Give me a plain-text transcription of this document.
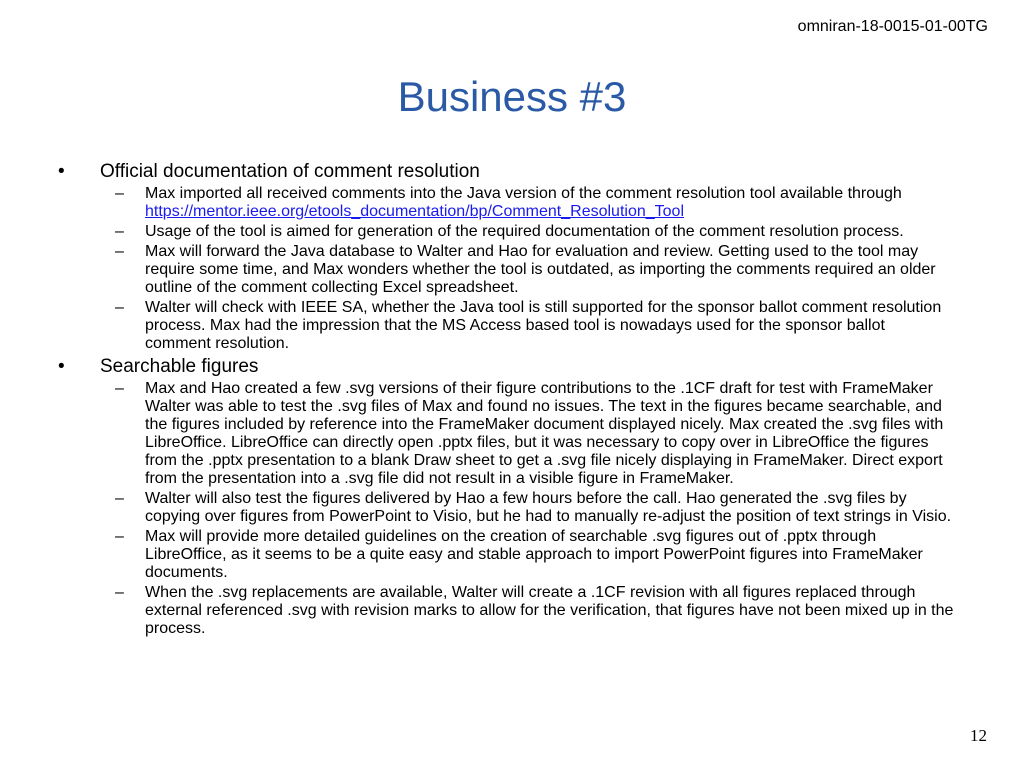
omniran-18-0015-01-00TG
Business #3
•	Official documentation of comment resolution
–	Max imported all received comments into the Java version of the comment resolution tool available through https://mentor.ieee.org/etools_documentation/bp/Comment_Resolution_Tool
–	Usage of the tool is aimed for generation of the required documentation of the comment resolution process.
–	Max will forward the Java database to Walter and Hao for evaluation and review. Getting used to the tool may require some time, and Max wonders whether the tool is outdated, as importing the comments required an older outline of the comment collecting Excel spreadsheet.
–	Walter will check with IEEE SA, whether the Java tool is still supported for the sponsor ballot comment resolution process. Max had the impression that the MS Access based tool is nowadays used for the sponsor ballot comment resolution.
•	Searchable figures
–	Max and Hao created a few .svg versions of their figure contributions to the .1CF draft for test with FrameMaker Walter was able to test the .svg files of Max and found no issues. The text in the figures became searchable, and the figures included by reference into the FrameMaker document displayed nicely. Max created the .svg files with LibreOffice. LibreOffice can directly open .pptx files, but it was necessary to copy over in LibreOffice the figures from the .pptx presentation to a blank Draw sheet to get a .svg file nicely displaying in FrameMaker. Direct export from the presentation into a .svg file did not result in a visible figure in FrameMaker.
–	Walter will also test the figures delivered by Hao a few hours before the call. Hao generated the .svg files by copying over figures from PowerPoint to Visio, but he had to manually re-adjust the position of text strings in Visio.
–	Max will provide more detailed guidelines on the creation of searchable .svg figures out of .pptx through LibreOffice, as it seems to be a quite easy and stable approach to import PowerPoint figures into FrameMaker documents.
–	When the .svg replacements are available, Walter will create a .1CF revision with all figures replaced through external referenced .svg with revision marks to allow for the verification, that figures have not been mixed up in the process.
12
